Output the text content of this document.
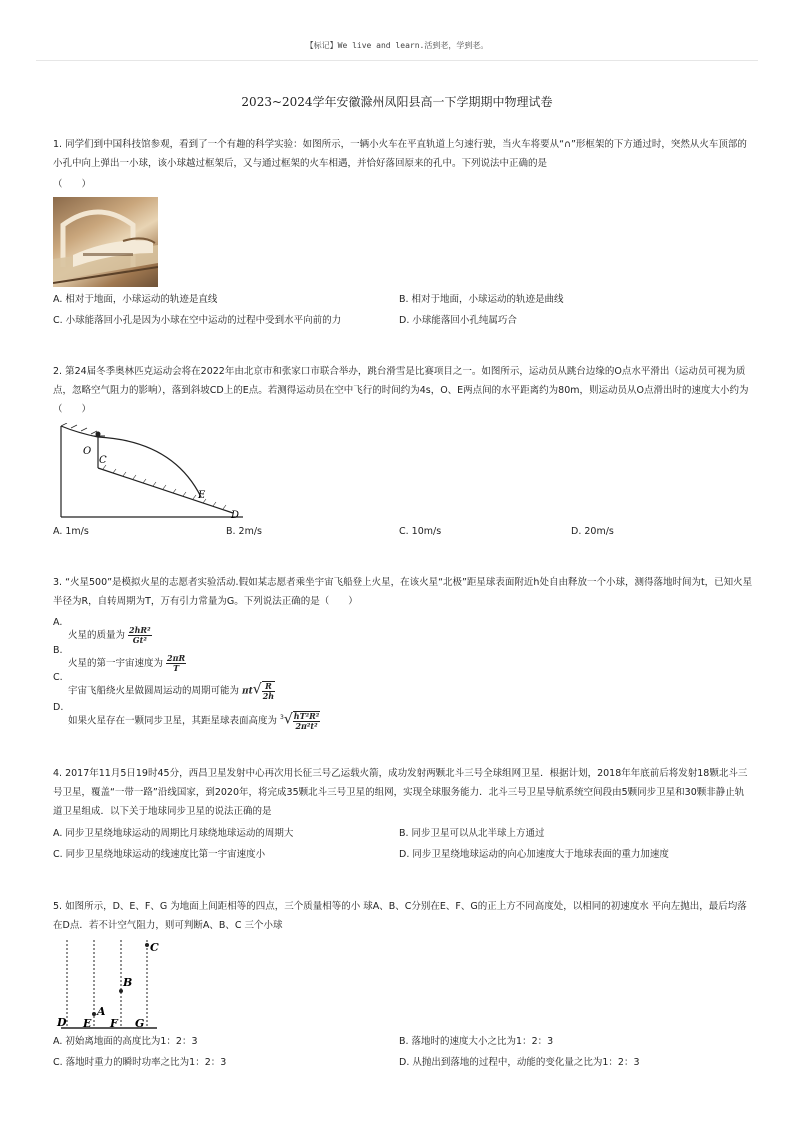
【标记】We live and learn.活到老，学到老。
2023~2024学年安徽滁州凤阳县高一下学期期中物理试卷
1. 同学们到中国科技馆参观，看到了一个有趣的科学实验：如图所示，一辆小火车在平直轨道上匀速行驶，当火车将要从“∩”形框架的下方通过时，突然从火车顶部的小孔中向上弹出一小球，该小球越过框架后，又与通过框架的火车相遇，并恰好落回原来的孔中。下列说法中正确的是
（　　）
A. 相对于地面，小球运动的轨迹是直线	B. 相对于地面，小球运动的轨迹是曲线
C. 小球能落回小孔是因为小球在空中运动的过程中受到水平向前的力	D. 小球能落回小孔纯属巧合
2. 第24届冬季奥林匹克运动会将在2022年由北京市和张家口市联合举办，跳台滑雪是比赛项目之一。如图所示，运动员从跳台边缘的O点水平滑出（运动员可视为质点，忽略空气阻力的影响），落到斜坡CD上的E点。若测得运动员在空中飞行的时间约为4s，O、E两点间的水平距离约为80m，则运动员从O点滑出时的速度大小约为（　　）
O
C
E
D
A. 1m/s	B. 2m/s	C. 10m/s	D. 20m/s
3. “火星500”是模拟火星的志愿者实验活动.假如某志愿者乘坐宇宙飞船登上火星，在该火星“北极”距星球表面附近h处自由释放一个小球，测得落地时间为t，已知火星半径为R，自转周期为T，万有引力常量为G。下列说法正确的是（　　）
A.
火星的质量为 $\frac{\text{2hR²}}{\text{Gt²}}$
B.
火星的第一宇宙速度为 $\frac{2\pi R}{T}$
C.
宇宙飞船绕火星做圆周运动的周期可能为 $\pi t√ \frac{R}{2h}$
D.
如果火星存在一颗同步卫星，其距星球表面高度为 $^3√ \frac{\text{hT²R²}}{\text{2π²t²}}$
4. 2017年11月5日19时45分，西昌卫星发射中心再次用长征三号乙运载火箭，成功发射两颗北斗三号全球组网卫星．根据计划，2018年年底前后将发射18颗北斗三号卫星，覆盖“一带一路”沿线国家，到2020年，将完成35颗北斗三号卫星的组网，实现全球服务能力．北斗三号卫星导航系统空间段由5颗同步卫星和30颗非静止轨道卫星组成．以下关于地球同步卫星的说法正确的是
A. 同步卫星绕地球运动的周期比月球绕地球运动的周期大	B. 同步卫星可以从北半球上方通过
C. 同步卫星绕地球运动的线速度比第一宇宙速度小	D. 同步卫星绕地球运动的向心加速度大于地球表面的重力加速度
5. 如图所示，D、E、F、G 为地面上间距相等的四点，三个质量相等的小 球A、B、C分别在E、F、G的正上方不同高度处，以相同的初速度水 平向左抛出，最后均落在D点．若不计空气阻力，则可判断A、B、C 三个小球
A
B
C
D E F G
A. 初始离地面的高度比为1：2：3	B. 落地时的速度大小之比为1：2：3
C. 落地时重力的瞬时功率之比为1：2：3	D. 从抛出到落地的过程中，动能的变化量之比为1：2：3
